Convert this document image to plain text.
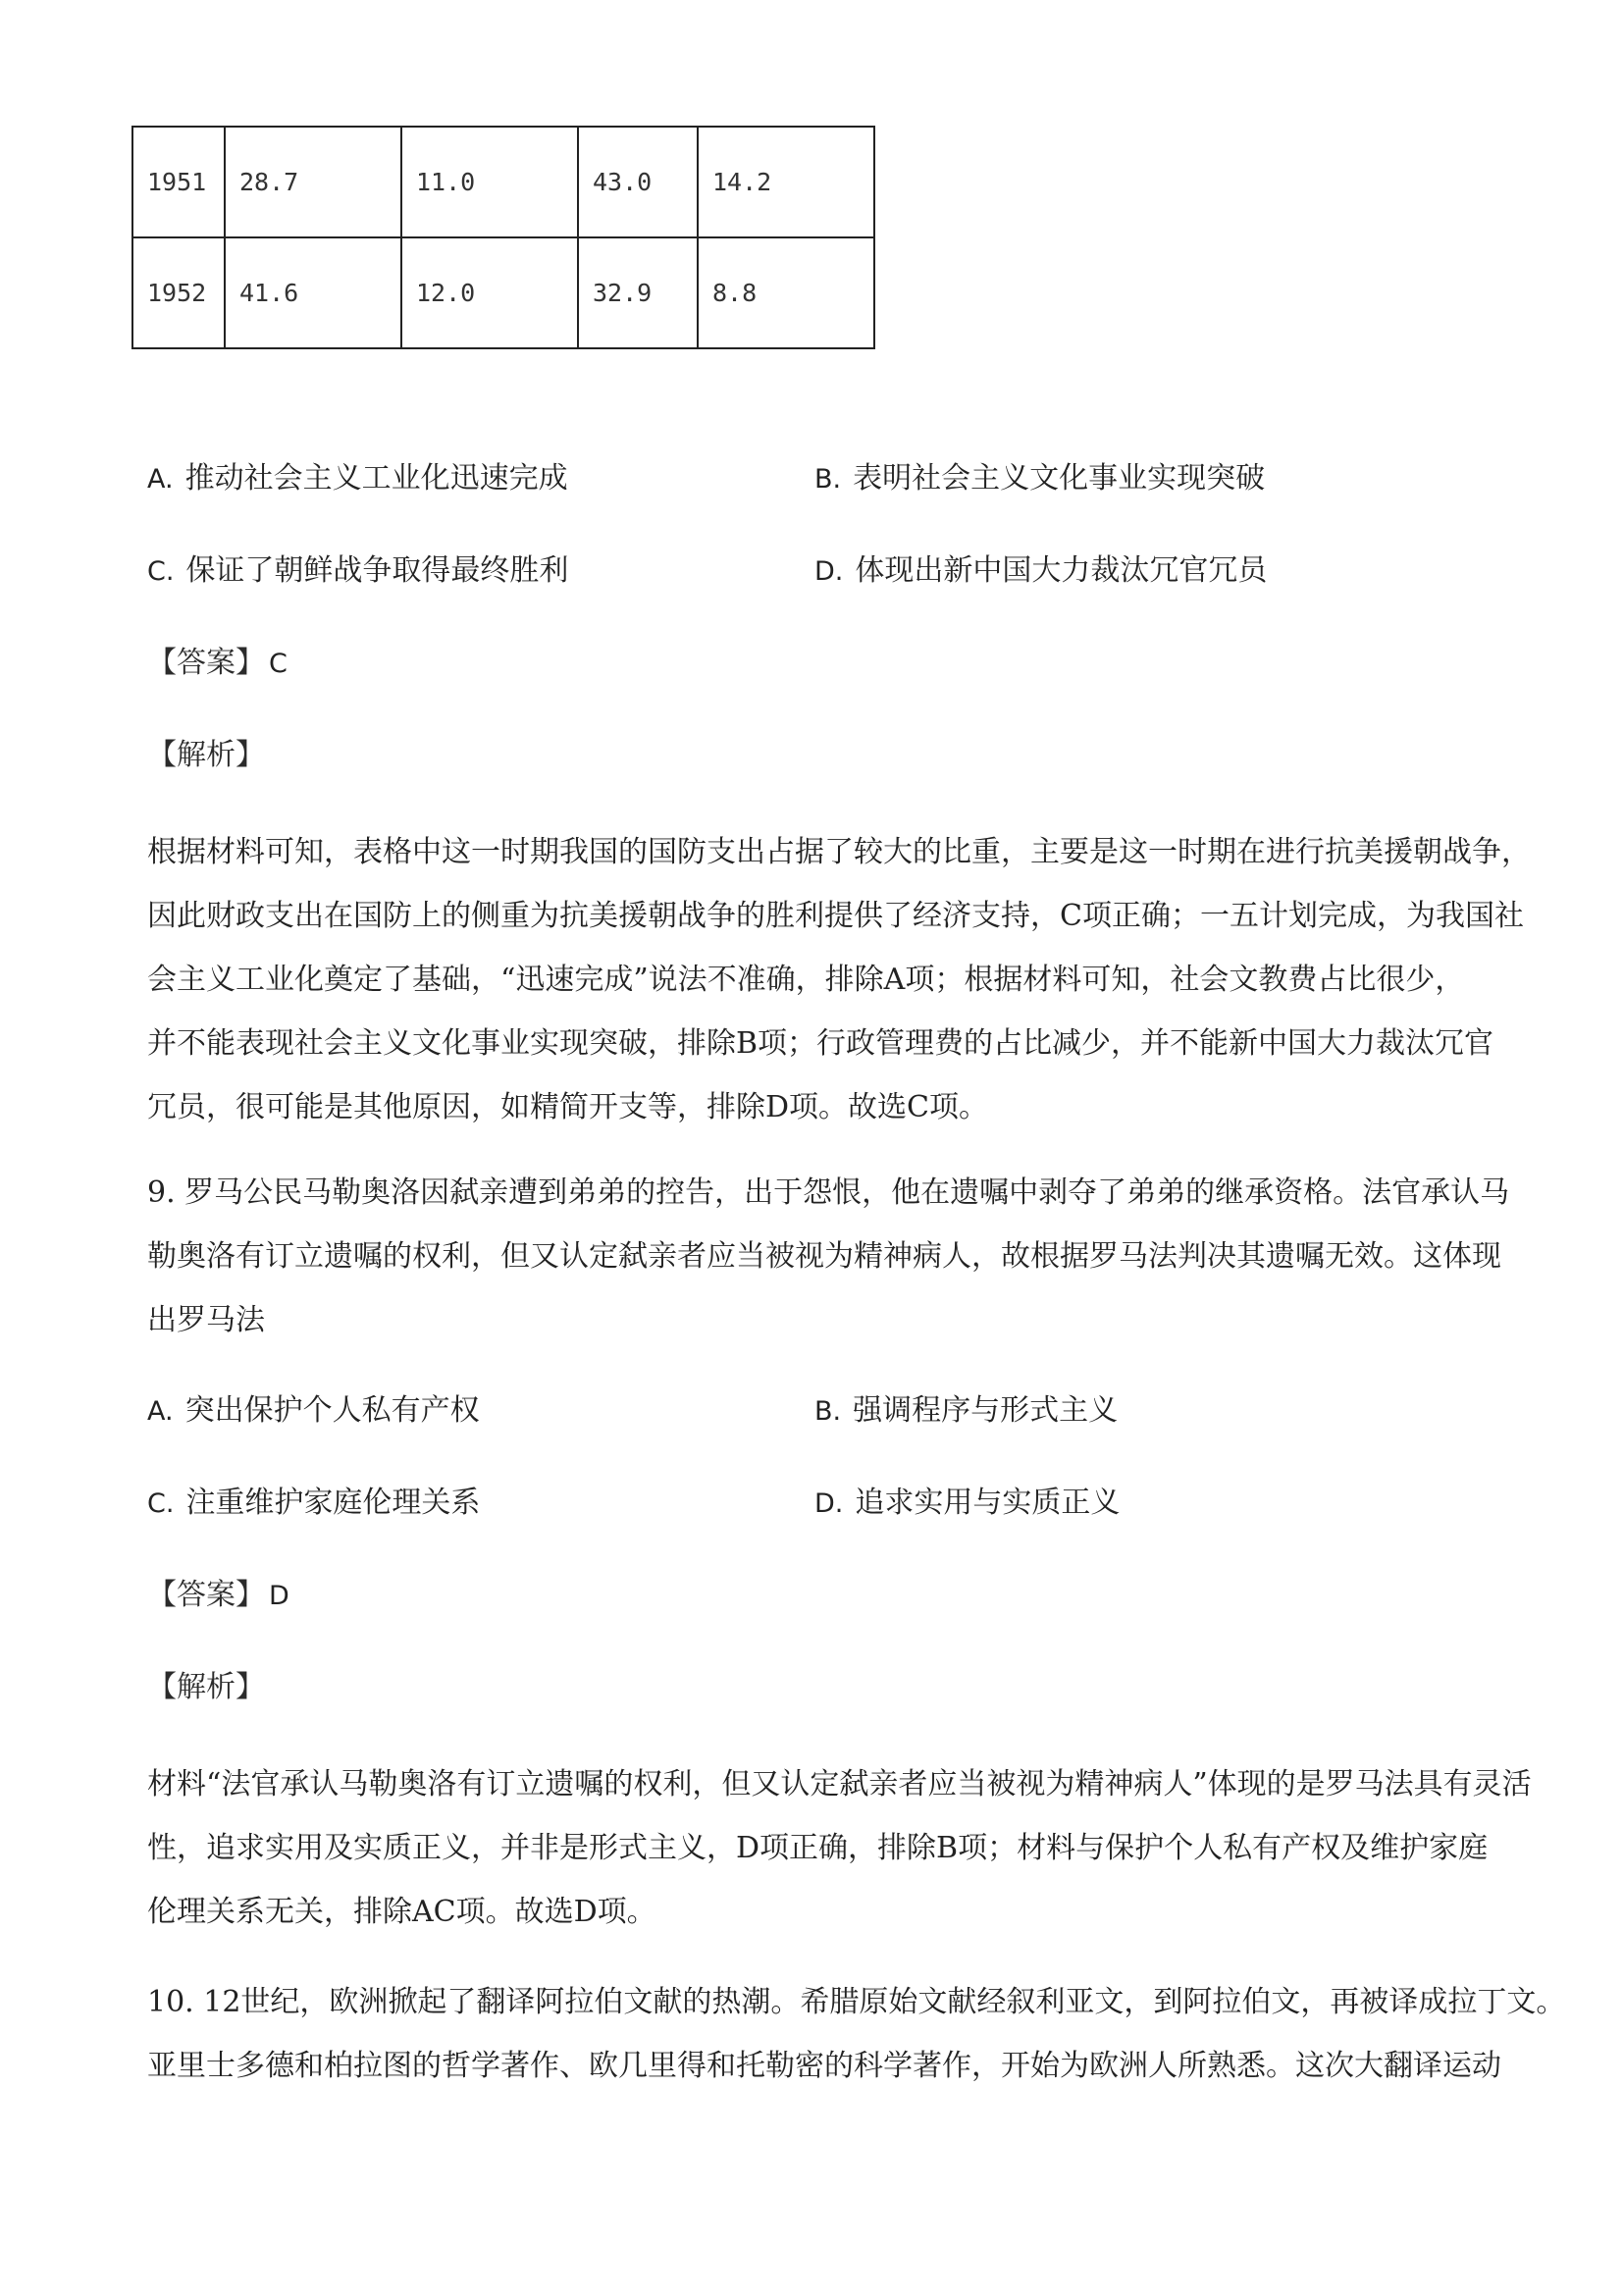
1951	28.7	11.0	43.0	14.2
1952	41.6	12.0	32.9	8.8
A. 推动社会主义工业化迅速完成	B. 表明社会主义文化事业实现突破
C. 保证了朝鲜战争取得最终胜利	D. 体现出新中国大力裁汰冗官冗员
【答案】 C
【解析】
根据材料可知，表格中这一时期我国的国防支出占据了较大的比重，主要是这一时期在进行抗美援朝战争，
因此财政支出在国防上的侧重为抗美援朝战争的胜利提供了经济支持，C项正确；一五计划完成，为我国社
会主义工业化奠定了基础，“迅速完成”说法不准确，排除A项；根据材料可知，社会文教费占比很少，
并不能表现社会主义文化事业实现突破，排除B项；行政管理费的占比减少，并不能新中国大力裁汰冗官
冗员，很可能是其他原因，如精简开支等，排除D项。故选C项。
9. 罗马公民马勒奥洛因弑亲遭到弟弟的控告，出于怨恨，他在遗嘱中剥夺了弟弟的继承资格。法官承认马
勒奥洛有订立遗嘱的权利，但又认定弑亲者应当被视为精神病人，故根据罗马法判决其遗嘱无效。这体现
出罗马法
A. 突出保护个人私有产权	B. 强调程序与形式主义
C. 注重维护家庭伦理关系	D. 追求实用与实质正义
【答案】 D
【解析】
材料“法官承认马勒奥洛有订立遗嘱的权利，但又认定弑亲者应当被视为精神病人”体现的是罗马法具有灵活
性，追求实用及实质正义，并非是形式主义，D项正确，排除B项；材料与保护个人私有产权及维护家庭
伦理关系无关，排除AC项。故选D项。
10. 12世纪，欧洲掀起了翻译阿拉伯文献的热潮。希腊原始文献经叙利亚文，到阿拉伯文，再被译成拉丁文。
亚里士多德和柏拉图的哲学著作、欧几里得和托勒密的科学著作，开始为欧洲人所熟悉。这次大翻译运动
